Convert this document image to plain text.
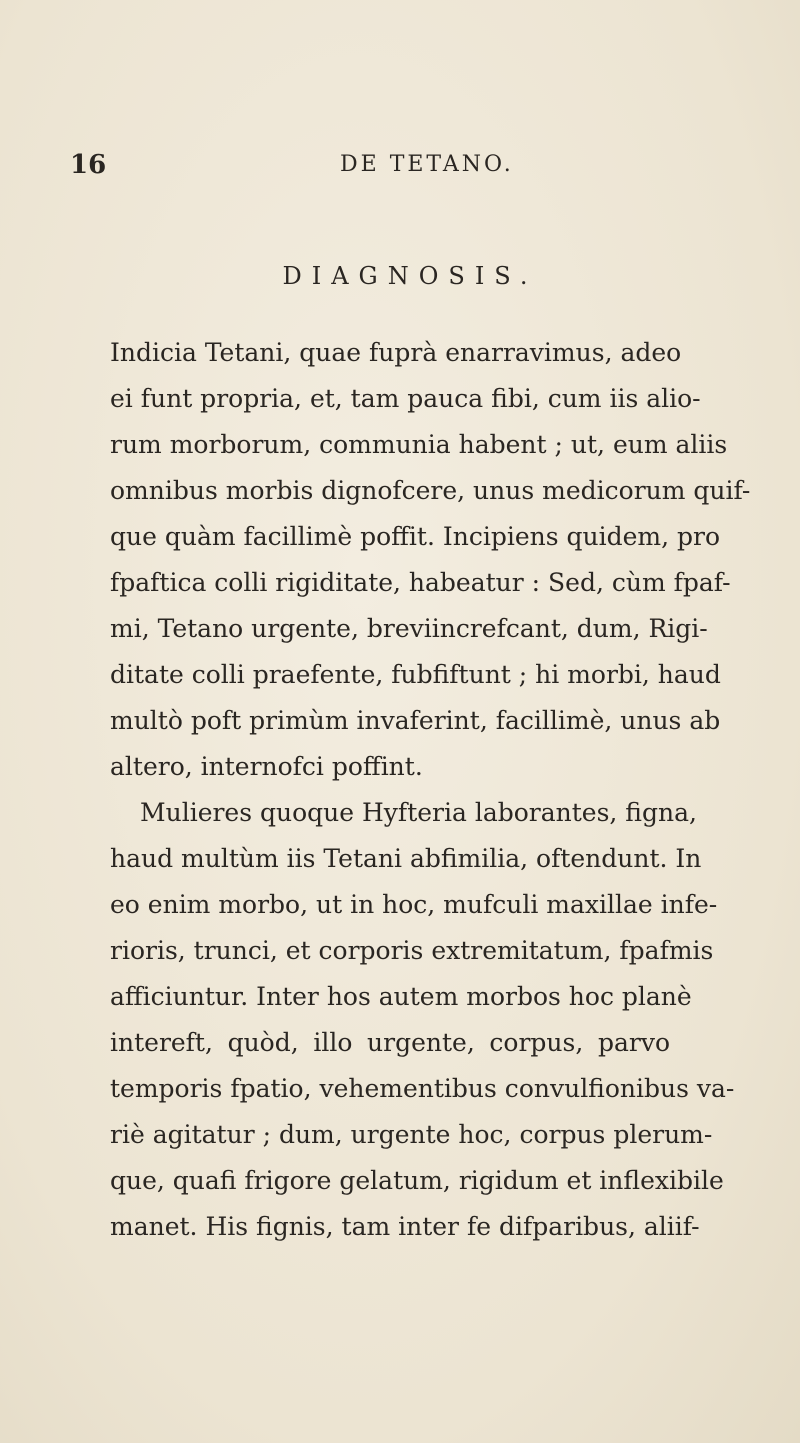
16	DE TETANO.
DIAGNOSIS.
Indicia Tetani, quae fuprà enarravimus, adeo
ei funt propria, et, tam pauca fibi, cum iis alio-
rum morborum, communia habent ; ut, eum aliis
omnibus morbis dignofcere, unus medicorum quif-
que quàm facillimè poffit. Incipiens quidem, pro
fpaftica colli rigiditate, habeatur : Sed, cùm fpaf-
mi, Tetano urgente, breviincrefcant, dum, Rigi-
ditate colli praefente, fubfiftunt ; hi morbi, haud
multò poft primùm invaferint, facillimè, unus ab
altero, internofci poffint.
Mulieres quoque Hyfteria laborantes, figna,
haud multùm iis Tetani abfimilia, oftendunt. In
eo enim morbo, ut in hoc, mufculi maxillae infe-
rioris, trunci, et corporis extremitatum, fpafmis
afficiuntur. Inter hos autem morbos hoc planè
intereft, quòd, illo urgente, corpus, parvo
temporis fpatio, vehementibus convulfionibus va-
riè agitatur ; dum, urgente hoc, corpus plerum-
que, quafi frigore gelatum, rigidum et inflexibile
manet. His fignis, tam inter fe difparibus, aliif-
